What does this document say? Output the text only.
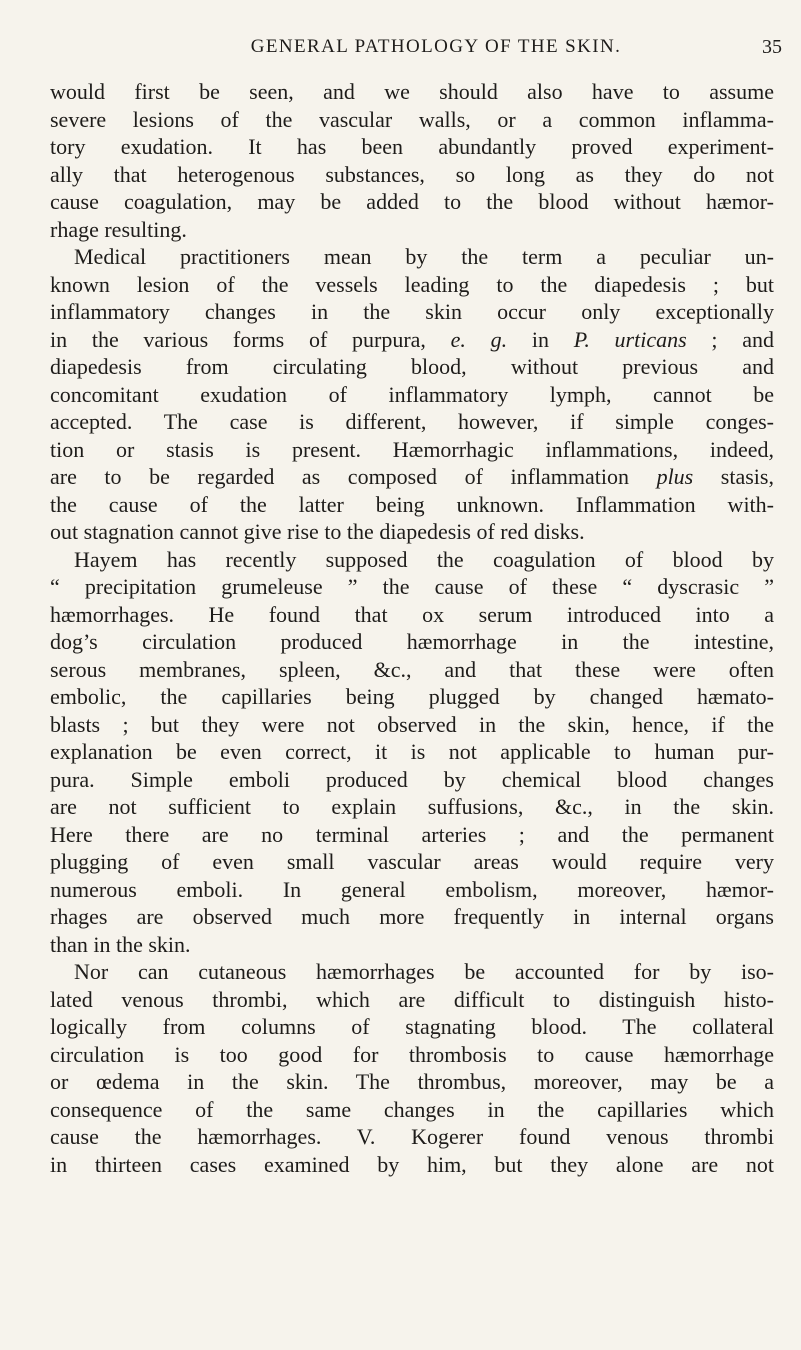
GENERAL PATHOLOGY OF THE SKIN.	35
would first be seen, and we should also have to assume
severe lesions of the vascular walls, or a common inflamma-
tory exudation. It has been abundantly proved experiment-
ally that heterogenous substances, so long as they do not
cause coagulation, may be added to the blood without hæmor-
rhage resulting.
Medical practitioners mean by the term a peculiar un-
known lesion of the vessels leading to the diapedesis ; but
inflammatory changes in the skin occur only exceptionally
in the various forms of purpura, e. g. in P. urticans ; and
diapedesis from circulating blood, without previous and
concomitant exudation of inflammatory lymph, cannot be
accepted. The case is different, however, if simple conges-
tion or stasis is present. Hæmorrhagic inflammations, indeed,
are to be regarded as composed of inflammation plus stasis,
the cause of the latter being unknown. Inflammation with-
out stagnation cannot give rise to the diapedesis of red disks.
Hayem has recently supposed the coagulation of blood by
“ precipitation grumeleuse ” the cause of these “ dyscrasic ”
hæmorrhages. He found that ox serum introduced into a
dog’s circulation produced hæmorrhage in the intestine,
serous membranes, spleen, &c., and that these were often
embolic, the capillaries being plugged by changed hæmato-
blasts ; but they were not observed in the skin, hence, if the
explanation be even correct, it is not applicable to human pur-
pura. Simple emboli produced by chemical blood changes
are not sufficient to explain suffusions, &c., in the skin.
Here there are no terminal arteries ; and the permanent
plugging of even small vascular areas would require very
numerous emboli. In general embolism, moreover, hæmor-
rhages are observed much more frequently in internal organs
than in the skin.
Nor can cutaneous hæmorrhages be accounted for by iso-
lated venous thrombi, which are difficult to distinguish histo-
logically from columns of stagnating blood. The collateral
circulation is too good for thrombosis to cause hæmorrhage
or œdema in the skin. The thrombus, moreover, may be a
consequence of the same changes in the capillaries which
cause the hæmorrhages. V. Kogerer found venous thrombi
in thirteen cases examined by him, but they alone are not
